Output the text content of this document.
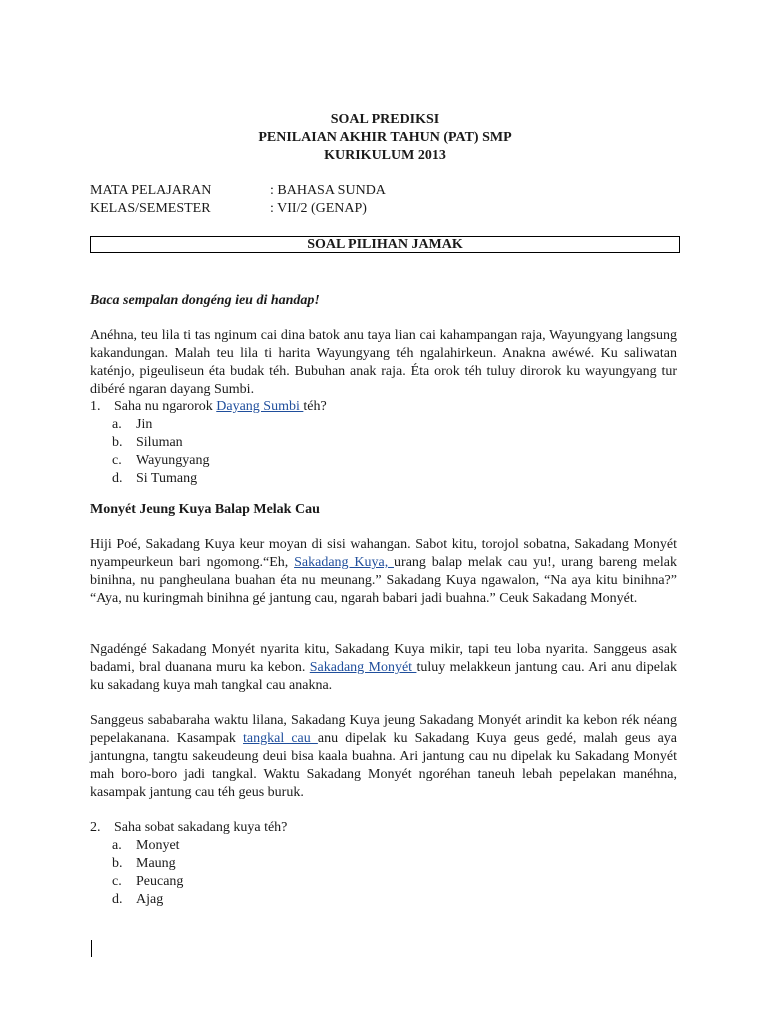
SOAL PREDIKSI
PENILAIAN AKHIR TAHUN (PAT) SMP
KURIKULUM 2013
MATA PELAJARAN	: BAHASA SUNDA
KELAS/SEMESTER	: VII/2 (GENAP)
SOAL PILIHAN JAMAK
Baca sempalan dongéng ieu di handap!

Anéhna, teu lila ti tas nginum cai dina batok anu taya lian cai kahampangan raja, Wayungyang langsung kakandungan. Malah teu lila ti harita Wayungyang téh ngalahirkeun. Anakna awéwé. Ku saliwatan katénjo, pigeuliseun éta budak téh. Bubuhan anak raja. Éta orok téh tuluy dirorok ku wayungyang tur dibéré ngaran dayang Sumbi.

1. Saha nu ngarorok Dayang Sumbi téh?
a. Jin
b. Siluman
c. Wayungyang
d. Si Tumang
Monyét Jeung Kuya Balap Melak Cau

Hiji Poé, Sakadang Kuya keur moyan di sisi wahangan. Sabot kitu, torojol sobatna, Sakadang Monyét nyampeurkeun bari ngomong.“Eh, Sakadang Kuya, urang balap melak cau yu!, urang bareng melak binihna, nu pangheulana buahan éta nu meunang.” Sakadang Kuya ngawalon, “Na aya kitu binihna?” “Aya, nu kuringmah binihna gé jantung cau, ngarah babari jadi buahna.” Ceuk Sakadang Monyét.

Ngadéngé Sakadang Monyét nyarita kitu, Sakadang Kuya mikir, tapi teu loba nyarita. Sanggeus asak badami, bral duanana muru ka kebon. Sakadang Monyét tuluy melakkeun jantung cau. Ari anu dipelak ku sakadang kuya mah tangkal cau anakna.

Sanggeus sababaraha waktu lilana, Sakadang Kuya jeung Sakadang Monyét arindit ka kebon rék néang pepelakanana. Kasampak tangkal cau anu dipelak ku Sakadang Kuya geus gedé, malah geus aya jantungna, tangtu sakeudeung deui bisa kaala buahna. Ari jantung cau nu dipelak ku Sakadang Monyét mah boro-boro jadi tangkal. Waktu Sakadang Monyét ngoréhan taneuh lebah pepelakan manéhna, kasampak jantung cau téh geus buruk.

2. Saha sobat sakadang kuya téh?
a. Monyet
b. Maung
c. Peucang
d. Ajag
